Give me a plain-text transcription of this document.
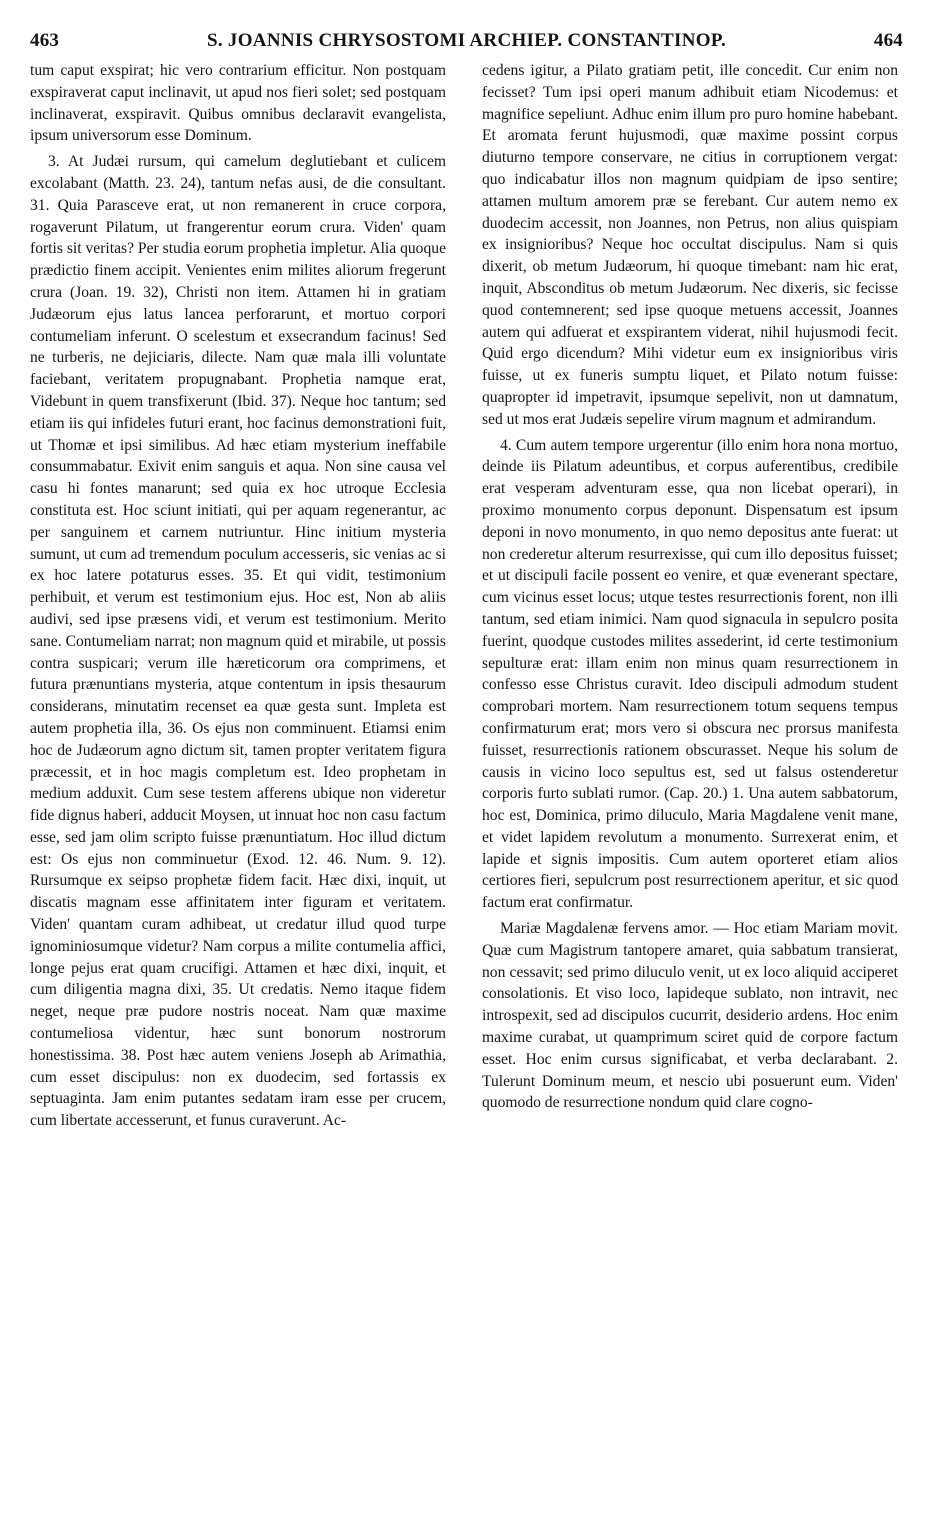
463	S. JOANNIS CHRYSOSTOMI ARCHIEP. CONSTANTINOP.	464

tum caput exspirat; hic vero contrarium efficitur. Non postquam exspiraverat caput inclinavit, ut apud nos fieri solet; sed postquam inclinaverat, exspiravit. Quibus omnibus declaravit evangelista, ipsum universorum esse Dominum.

3. At Judæi rursum, qui camelum deglutiebant et culicem excolabant (Matth. 23. 24), tantum nefas ausi, de die consultant. 31. Quia Parasceve erat, ut non remanerent in cruce corpora, rogaverunt Pilatum, ut frangerentur eorum crura. Viden' quam fortis sit veritas? Per studia eorum prophetia impletur. Alia quoque prædictio finem accipit. Venientes enim milites aliorum fregerunt crura (Joan. 19. 32), Christi non item. Attamen hi in gratiam Judæorum ejus latus lancea perforarunt, et mortuo corpori contumeliam inferunt. O scelestum et exsecrandum facinus! Sed ne turberis, ne dejiciaris, dilecte. Nam quæ mala illi voluntate faciebant, veritatem propugnabant. Prophetia namque erat, Videbunt in quem transfixerunt (Ibid. 37). Neque hoc tantum; sed etiam iis qui infideles futuri erant, hoc facinus demonstrationi fuit, ut Thomæ et ipsi similibus. Ad hæc etiam mysterium ineffabile consummabatur. Exivit enim sanguis et aqua. Non sine causa vel casu hi fontes manarunt; sed quia ex hoc utroque Ecclesia constituta est. Hoc sciunt initiati, qui per aquam regenerantur, ac per sanguinem et carnem nutriuntur. Hinc initium mysteria sumunt, ut cum ad tremendum poculum accesseris, sic venias ac si ex hoc latere potaturus esses. 35. Et qui vidit, testimonium perhibuit, et verum est testimonium ejus. Hoc est, Non ab aliis audivi, sed ipse præsens vidi, et verum est testimonium. Merito sane. Contumeliam narrat; non magnum quid et mirabile, ut possis contra suspicari; verum ille hæreticorum ora comprimens, et futura prænuntians mysteria, atque contentum in ipsis thesaurum considerans, minutatim recenset ea quæ gesta sunt. Impleta est autem prophetia illa, 36. Os ejus non comminuent. Etiamsi enim hoc de Judæorum agno dictum sit, tamen propter veritatem figura præcessit, et in hoc magis completum est. Ideo prophetam in medium adduxit. Cum sese testem afferens ubique non videretur fide dignus haberi, adducit Moysen, ut innuat hoc non casu factum esse, sed jam olim scripto fuisse prænuntiatum. Hoc illud dictum est: Os ejus non comminuetur (Exod. 12. 46. Num. 9. 12). Rursumque ex seipso prophetæ fidem facit. Hæc dixi, inquit, ut discatis magnam esse affinitatem inter figuram et veritatem. Viden' quantam curam adhibeat, ut credatur illud quod turpe ignominiosumque videtur? Nam corpus a milite contumelia affici, longe pejus erat quam crucifigi. Attamen et hæc dixi, inquit, et cum diligentia magna dixi, 35. Ut credatis. Nemo itaque fidem neget, neque præ pudore nostris noceat. Nam quæ maxime contumeliosa videntur, hæc sunt bonorum nostrorum honestissima. 38. Post hæc autem veniens Joseph ab Arimathia, cum esset discipulus: non ex duodecim, sed fortassis ex septuaginta. Jam enim putantes sedatam iram esse per crucem, cum libertate accesserunt, et funus curaverunt. Ac-

cedens igitur, a Pilato gratiam petit, ille concedit. Cur enim non fecisset? Tum ipsi operi manum adhibuit etiam Nicodemus: et magnifice sepeliunt. Adhuc enim illum pro puro homine habebant. Et aromata ferunt hujusmodi, quæ maxime possint corpus diuturno tempore conservare, ne citius in corruptionem vergat: quo indicabatur illos non magnum quidpiam de ipso sentire; attamen multum amorem præ se ferebant. Cur autem nemo ex duodecim accessit, non Joannes, non Petrus, non alius quispiam ex insignioribus? Neque hoc occultat discipulus. Nam si quis dixerit, ob metum Judæorum, hi quoque timebant: nam hic erat, inquit, Absconditus ob metum Judæorum. Nec dixeris, sic fecisse quod contemnerent; sed ipse quoque metuens accessit, Joannes autem qui adfuerat et exspirantem viderat, nihil hujusmodi fecit. Quid ergo dicendum? Mihi videtur eum ex insignioribus viris fuisse, ut ex funeris sumptu liquet, et Pilato notum fuisse: quapropter id impetravit, ipsumque sepelivit, non ut damnatum, sed ut mos erat Judæis sepelire virum magnum et admirandum.

4. Cum autem tempore urgerentur (illo enim hora nona mortuo, deinde iis Pilatum adeuntibus, et corpus auferentibus, credibile erat vesperam adventuram esse, qua non licebat operari), in proximo monumento corpus deponunt. Dispensatum est ipsum deponi in novo monumento, in quo nemo depositus ante fuerat: ut non crederetur alterum resurrexisse, qui cum illo depositus fuisset; et ut discipuli facile possent eo venire, et quæ evenerant spectare, cum vicinus esset locus; utque testes resurrectionis forent, non illi tantum, sed etiam inimici. Nam quod signacula in sepulcro posita fuerint, quodque custodes milites assederint, id certe testimonium sepulturæ erat: illam enim non minus quam resurrectionem in confesso esse Christus curavit. Ideo discipuli admodum student comprobari mortem. Nam resurrectionem totum sequens tempus confirmaturum erat; mors vero si obscura nec prorsus manifesta fuisset, resurrectionis rationem obscurasset. Neque his solum de causis in vicino loco sepultus est, sed ut falsus ostenderetur corporis furto sublati rumor. (Cap. 20.) 1. Una autem sabbatorum, hoc est, Dominica, primo diluculo, Maria Magdalene venit mane, et videt lapidem revolutum a monumento. Surrexerat enim, et lapide et signis impositis. Cum autem oporteret etiam alios certiores fieri, sepulcrum post resurrectionem aperitur, et sic quod factum erat confirmatur.

Mariæ Magdalenæ fervens amor. — Hoc etiam Mariam movit. Quæ cum Magistrum tantopere amaret, quia sabbatum transierat, non cessavit; sed primo diluculo venit, ut ex loco aliquid acciperet consolationis. Et viso loco, lapideque sublato, non intravit, nec introspexit, sed ad discipulos cucurrit, desiderio ardens. Hoc enim maxime curabat, ut quamprimum sciret quid de corpore factum esset. Hoc enim cursus significabat, et verba declarabant. 2. Tulerunt Dominum meum, et nescio ubi posuerunt eum. Viden' quomodo de resurrectione nondum quid clare cogno-
